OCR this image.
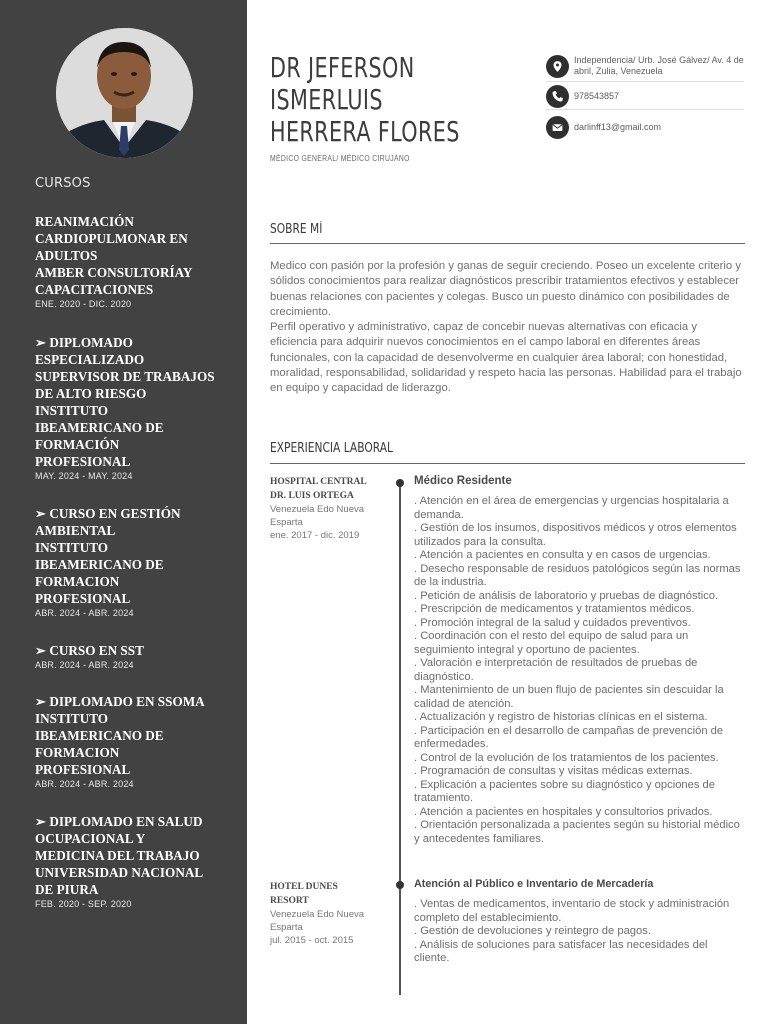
CURSOS
REANIMACIÓN
CARDIOPULMONAR EN
ADULTOS
AMBER CONSULTORÍAY
CAPACITACIONES
ENE. 2020 - DIC. 2020
➢ DIPLOMADO
ESPECIALIZADO
SUPERVISOR DE TRABAJOS
DE ALTO RIESGO
INSTITUTO
IBEAMERICANO DE
FORMACIÓN
PROFESIONAL
MAY. 2024 - MAY. 2024
➢ CURSO EN GESTIÓN
AMBIENTAL
INSTITUTO
IBEAMERICANO DE
FORMACION
PROFESIONAL
ABR. 2024 - ABR. 2024
➢ CURSO EN SST
ABR. 2024 - ABR. 2024
➢ DIPLOMADO EN SSOMA
INSTITUTO
IBEAMERICANO DE
FORMACION
PROFESIONAL
ABR. 2024 - ABR. 2024
➢ DIPLOMADO EN SALUD
OCUPACIONAL Y
MEDICINA DEL TRABAJO
UNIVERSIDAD NACIONAL
DE PIURA
FEB. 2020 - SEP. 2020
DR JEFERSON
ISMERLUIS
HERRERA FLORES
MÉDICO GENERAL/ MÉDICO CIRUJANO
Independencia/ Urb. José Gálvez/ Av. 4 de abril, Zulia, Venezuela
978543857
darlinff13@gmail.com
SOBRE MÍ

Medico con pasión por la profesión y ganas de seguir creciendo. Poseo un excelente criterio y sólidos conocimientos para realizar diagnósticos prescribir tratamientos efectivos y establecer buenas relaciones con pacientes y colegas. Busco un puesto dinámico con posibilidades de crecimiento.

Perfil operativo y administrativo, capaz de concebir nuevas alternativas con eficacia y eficiencia para adquirir nuevos conocimientos en el campo laboral en diferentes áreas funcionales, con la capacidad de desenvolverme en cualquier área laboral; con honestidad, moralidad, responsabilidad, solidaridad y respeto hacia las personas. Habilidad para el trabajo en equipo y capacidad de liderazgo.

EXPERIENCIA LABORAL
HOSPITAL CENTRAL
DR. LUIS ORTEGA
Venezuela Edo Nueva Esparta
ene. 2017 - dic. 2019
Médico Residente
. Atención en el área de emergencias y urgencias hospitalaria a demanda.
. Gestión de los insumos, dispositivos médicos y otros elementos utilizados para la consulta.
. Atención a pacientes en consulta y en casos de urgencias.
. Desecho responsable de residuos patológicos según las normas de la industria.
. Petición de análisis de laboratorio y pruebas de diagnóstico.
. Prescripción de medicamentos y tratamientos médicos.
. Promoción integral de la salud y cuidados preventivos.
. Coordinación con el resto del equipo de salud para un seguimiento integral y oportuno de pacientes.
. Valoración e interpretación de resultados de pruebas de diagnóstico.
. Mantenimiento de un buen flujo de pacientes sin descuidar la calidad de atención.
. Actualización y registro de historias clínicas en el sistema.
. Participación en el desarrollo de campañas de prevención de enfermedades.
. Control de la evolución de los tratamientos de los pacientes.
. Programación de consultas y visitas médicas externas.
. Explicación a pacientes sobre su diagnóstico y opciones de tratamiento.
. Atención a pacientes en hospitales y consultorios privados.
. Orientación personalizada a pacientes según su historial médico y antecedentes familiares.
HOTEL DUNES
RESORT
Venezuela Edo Nueva Esparta
jul. 2015 - oct. 2015
Atención al Público e Inventario de Mercadería
. Ventas de medicamentos, inventario de stock y administración completo del establecimiento.
. Gestión de devoluciones y reintegro de pagos.
. Análisis de soluciones para satisfacer las necesidades del cliente.
